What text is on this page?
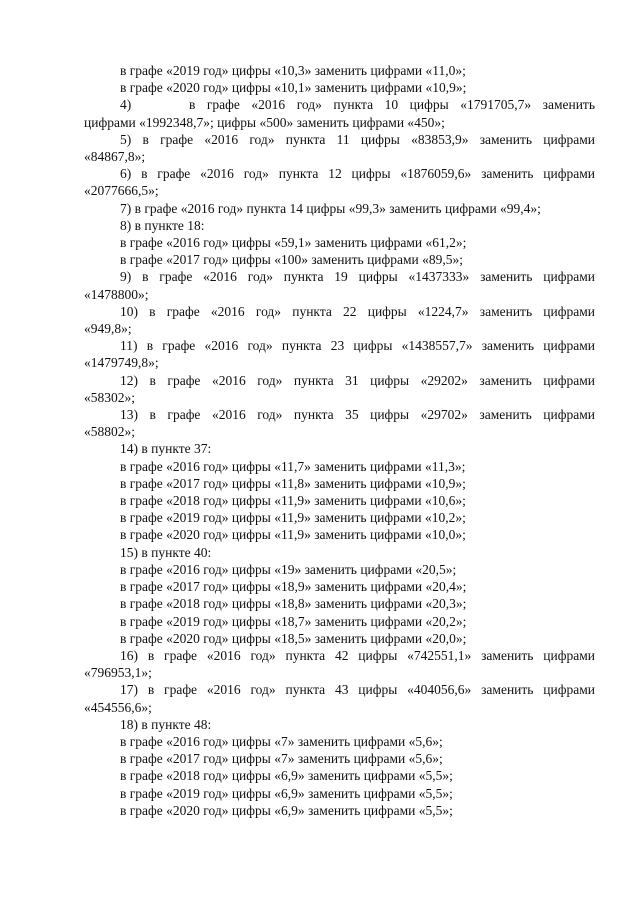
в графе «2019 год» цифры «10,3» заменить цифрами «11,0»;
в графе «2020 год» цифры «10,1» заменить цифрами «10,9»;
4)     в графе «2016 год» пункта 10 цифры «1791705,7» заменить
цифрами «1992348,7»; цифры «500» заменить цифрами «450»;
5) в графе «2016 год» пункта 11 цифры «83853,9» заменить цифрами
«84867,8»;
6) в графе «2016 год» пункта 12 цифры «1876059,6» заменить цифрами
«2077666,5»;
7) в графе «2016 год» пункта 14 цифры «99,3» заменить цифрами «99,4»;
8) в пункте 18:
в графе «2016 год» цифры «59,1» заменить цифрами «61,2»;
в графе «2017 год» цифры «100» заменить цифрами «89,5»;
9) в графе «2016 год» пункта 19 цифры «1437333» заменить цифрами
«1478800»;
10) в графе «2016 год» пункта 22 цифры «1224,7» заменить цифрами
«949,8»;
11) в графе «2016 год» пункта 23 цифры «1438557,7» заменить цифрами
«1479749,8»;
12) в графе «2016 год» пункта 31 цифры «29202» заменить цифрами
«58302»;
13) в графе «2016 год» пункта 35 цифры «29702» заменить цифрами
«58802»;
14) в пункте 37:
в графе «2016 год» цифры «11,7» заменить цифрами «11,3»;
в графе «2017 год» цифры «11,8» заменить цифрами «10,9»;
в графе «2018 год» цифры «11,9» заменить цифрами «10,6»;
в графе «2019 год» цифры «11,9» заменить цифрами «10,2»;
в графе «2020 год» цифры «11,9» заменить цифрами «10,0»;
15) в пункте 40:
в графе «2016 год» цифры «19» заменить цифрами «20,5»;
в графе «2017 год» цифры «18,9» заменить цифрами «20,4»;
в графе «2018 год» цифры «18,8» заменить цифрами «20,3»;
в графе «2019 год» цифры «18,7» заменить цифрами «20,2»;
в графе «2020 год» цифры «18,5» заменить цифрами «20,0»;
16) в графе «2016 год» пункта 42 цифры «742551,1» заменить цифрами
«796953,1»;
17) в графе «2016 год» пункта 43 цифры «404056,6» заменить цифрами
«454556,6»;
18) в пункте 48:
в графе «2016 год» цифры «7» заменить цифрами «5,6»;
в графе «2017 год» цифры «7» заменить цифрами «5,6»;
в графе «2018 год» цифры «6,9» заменить цифрами «5,5»;
в графе «2019 год» цифры «6,9» заменить цифрами «5,5»;
в графе «2020 год» цифры «6,9» заменить цифрами «5,5»;
